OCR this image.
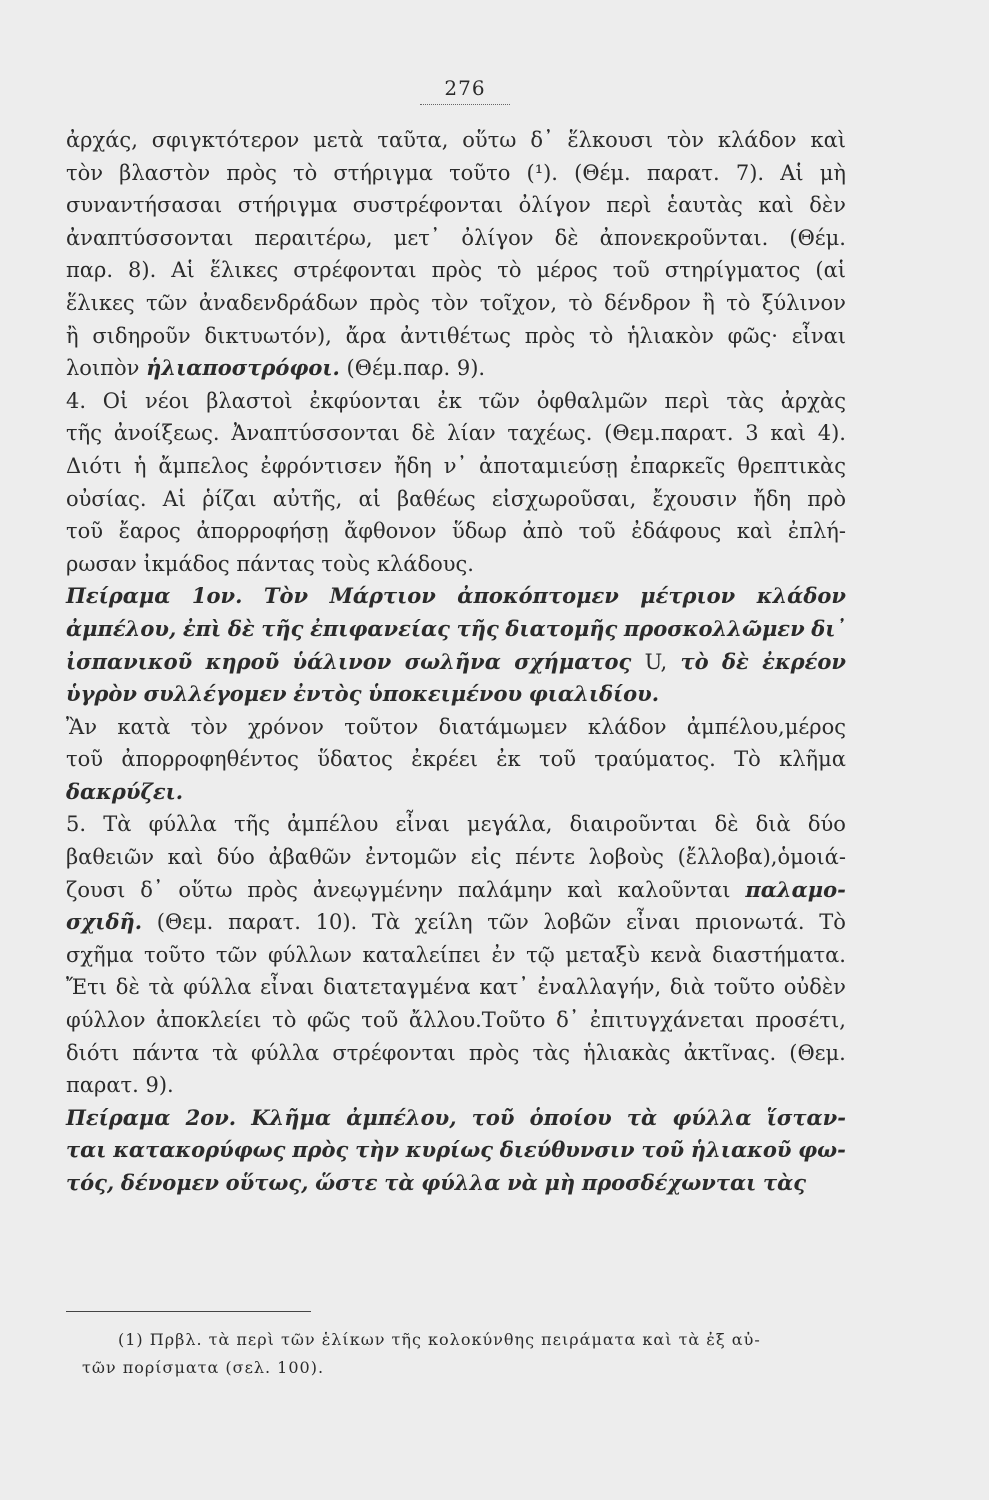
276
ἀρχάς, σφιγκτότερον μετὰ ταῦτα, οὕτω δ᾽ ἕλκουσι τὸν κλάδον καὶ
τὸν βλαστὸν πρὸς τὸ στήριγμα τοῦτο (¹). (Θέμ. παρατ. 7). Αἱ μὴ
συναντήσασαι στήριγμα συστρέφονται ὀλίγον περὶ ἑαυτὰς καὶ δὲν
ἀναπτύσσονται περαιτέρω, μετ᾽ ὀλίγον δὲ ἀπονεκροῦνται. (Θέμ.
παρ. 8). Αἱ ἕλικες στρέφονται πρὸς τὸ μέρος τοῦ στηρίγματος (αἱ
ἕλικες τῶν ἀναδενδράδων πρὸς τὸν τοῖχον, τὸ δένδρον ἢ τὸ ξύλινον
ἢ σιδηροῦν δικτυωτόν), ἄρα ἀντιθέτως πρὸς τὸ ἡλιακὸν φῶς· εἶναι
λοιπὸν ἡλιαποστρόφοι. (Θέμ.παρ. 9).
4. Οἱ νέοι βλαστοὶ ἐκφύονται ἐκ τῶν ὀφθαλμῶν περὶ τὰς ἀρχὰς
τῆς ἀνοίξεως. Ἀναπτύσσονται δὲ λίαν ταχέως. (Θεμ.παρατ. 3 καὶ 4).
Διότι ἡ ἄμπελος ἐφρόντισεν ἤδη ν᾽ ἀποταμιεύσῃ ἐπαρκεῖς θρεπτικὰς
οὐσίας. Αἱ ῥίζαι αὐτῆς, αἱ βαθέως εἰσχωροῦσαι, ἔχουσιν ἤδη πρὸ
τοῦ ἔαρος ἀπορροφήσῃ ἄφθονον ὕδωρ ἀπὸ τοῦ ἐδάφους καὶ ἐπλή-
ρωσαν ἰκμάδος πάντας τοὺς κλάδους.
Πείραμα 1ον. Τὸν Μάρτιον ἀποκόπτομεν μέτριον κλάδον
ἀμπέλου, ἐπὶ δὲ τῆς ἐπιφανείας τῆς διατομῆς προσκολλῶμεν δι᾽
ἰσπανικοῦ κηροῦ ὑάλινον σωλῆνα σχήματος U, τὸ δὲ ἐκρέον
ὑγρὸν συλλέγομεν ἐντὸς ὑποκειμένου φιαλιδίου.
Ἂν κατὰ τὸν χρόνον τοῦτον διατάμωμεν κλάδον ἀμπέλου,μέρος
τοῦ ἀπορροφηθέντος ὕδατος ἐκρέει ἐκ τοῦ τραύματος. Τὸ κλῆμα
δακρύζει.
5. Τὰ φύλλα τῆς ἀμπέλου εἶναι μεγάλα, διαιροῦνται δὲ διὰ δύο
βαθειῶν καὶ δύο ἀβαθῶν ἐντομῶν εἰς πέντε λοβοὺς (ἔλλοβα),ὁμοιά-
ζουσι δ᾽ οὕτω πρὸς ἀνεῳγμένην παλάμην καὶ καλοῦνται παλαμο-
σχιδῆ. (Θεμ. παρατ. 10). Τὰ χείλη τῶν λοβῶν εἶναι πριονωτά. Τὸ
σχῆμα τοῦτο τῶν φύλλων καταλείπει ἐν τῷ μεταξὺ κενὰ διαστήματα.
Ἔτι δὲ τὰ φύλλα εἶναι διατεταγμένα κατ᾽ ἐναλλαγήν, διὰ τοῦτο οὐδὲν
φύλλον ἀποκλείει τὸ φῶς τοῦ ἄλλου.Τοῦτο δ᾽ ἐπιτυγχάνεται προσέτι,
διότι πάντα τὰ φύλλα στρέφονται πρὸς τὰς ἡλιακὰς ἀκτῖνας. (Θεμ.
παρατ. 9).
Πείραμα 2ον. Κλῆμα ἀμπέλου, τοῦ ὁποίου τὰ φύλλα ἵσταν-
ται κατακορύφως πρὸς τὴν κυρίως διεύθυνσιν τοῦ ἡλιακοῦ φω-
τός, δένομεν οὕτως, ὥστε τὰ φύλλα νὰ μὴ προσδέχωνται τὰς
(1) Πρβλ. τὰ περὶ τῶν ἑλίκων τῆς κολοκύνθης πειράματα καὶ τὰ ἐξ αὐ-
τῶν πορίσματα (σελ. 100).
